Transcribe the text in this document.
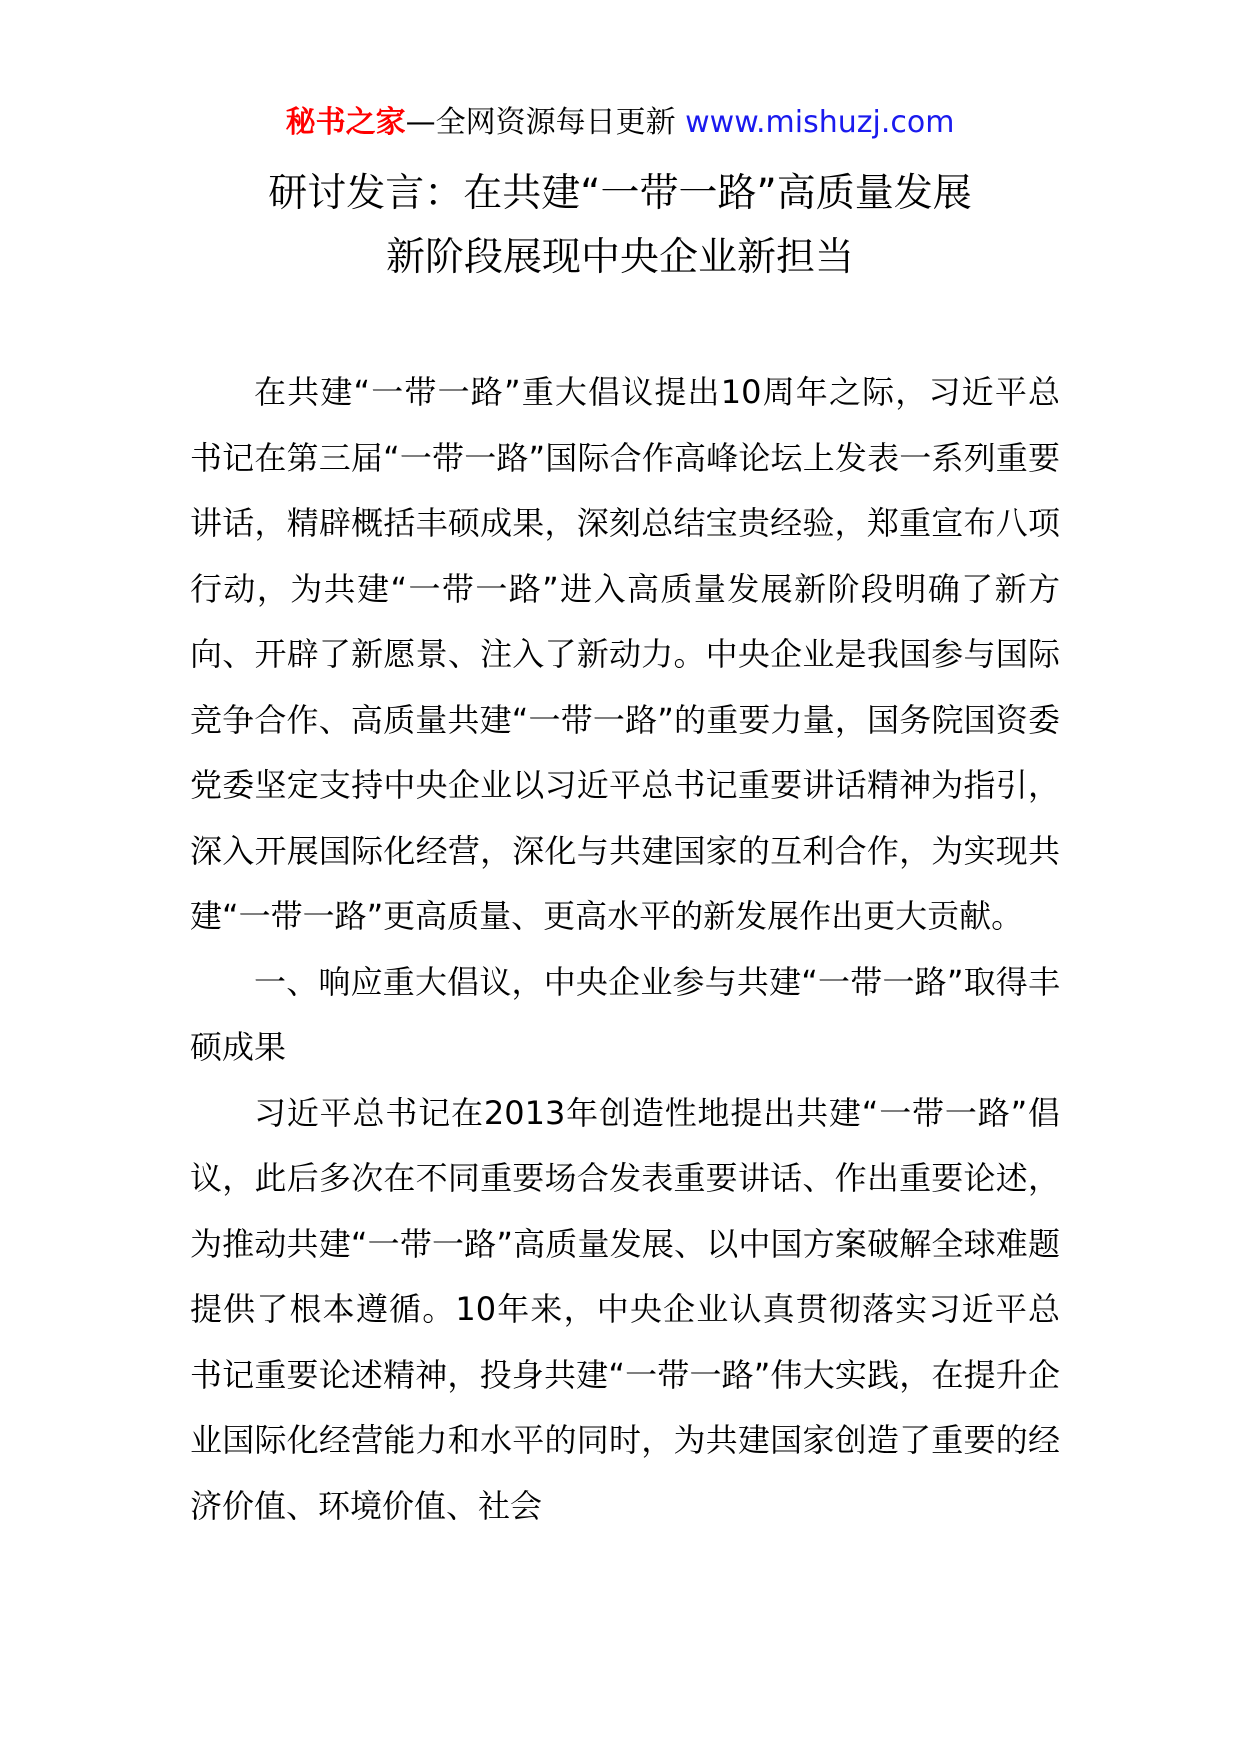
秘书之家—全网资源每日更新 www.mishuzj.com
研讨发言：在共建“一带一路”高质量发展
新阶段展现中央企业新担当

在共建“一带一路”重大倡议提出10周年之际，习近平总书记在第三届“一带一路”国际合作高峰论坛上发表一系列重要讲话，精辟概括丰硕成果，深刻总结宝贵经验，郑重宣布八项行动，为共建“一带一路”进入高质量发展新阶段明确了新方向、开辟了新愿景、注入了新动力。中央企业是我国参与国际竞争合作、高质量共建“一带一路”的重要力量，国务院国资委党委坚定支持中央企业以习近平总书记重要讲话精神为指引，深入开展国际化经营，深化与共建国家的互利合作，为实现共建“一带一路”更高质量、更高水平的新发展作出更大贡献。

一、响应重大倡议，中央企业参与共建“一带一路”取得丰硕成果

习近平总书记在2013年创造性地提出共建“一带一路”倡议，此后多次在不同重要场合发表重要讲话、作出重要论述，为推动共建“一带一路”高质量发展、以中国方案破解全球难题提供了根本遵循。10年来，中央企业认真贯彻落实习近平总书记重要论述精神，投身共建“一带一路”伟大实践，在提升企业国际化经营能力和水平的同时，为共建国家创造了重要的经济价值、环境价值、社会
